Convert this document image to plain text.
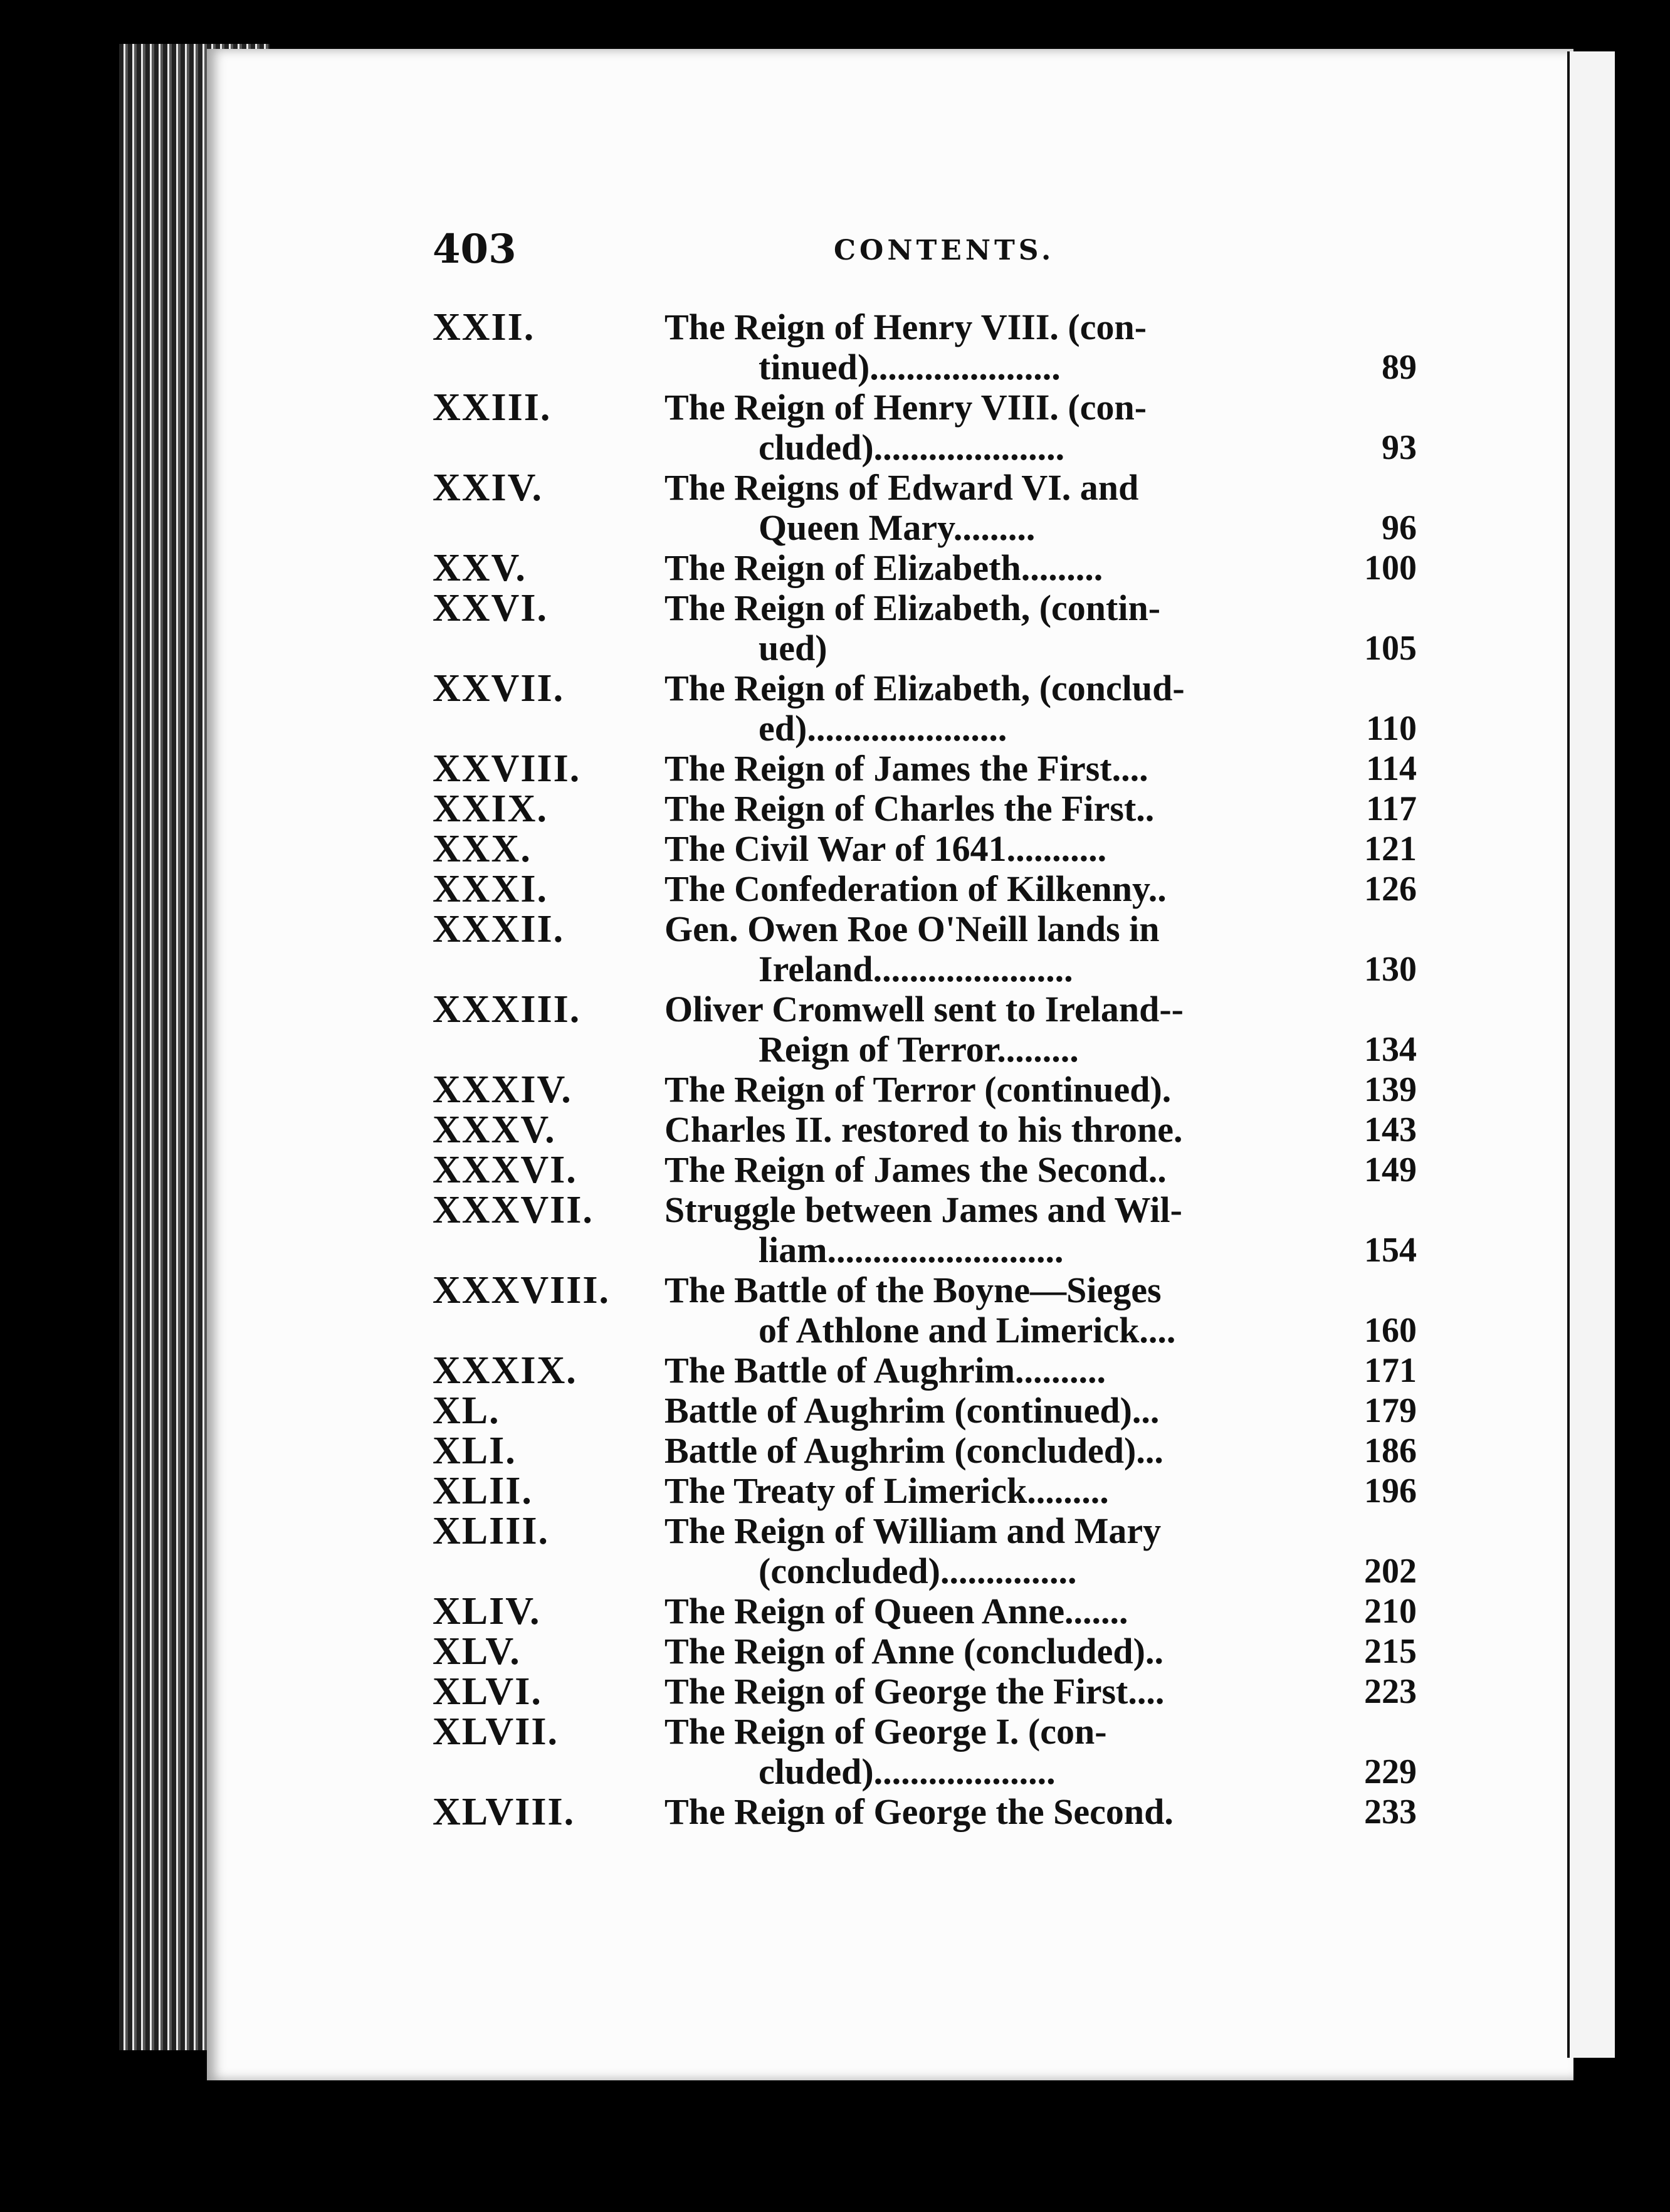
403	CONTENTS.
XXII.	The Reign of Henry VIII. (con-
tinued).....................	89
XXIII.	The Reign of Henry VIII. (con-
cluded).....................	93
XXIV.	The Reigns of Edward VI. and
Queen Mary.........	96
XXV.	The Reign of Elizabeth.........	100
XXVI.	The Reign of Elizabeth, (contin-
ued)	105
XXVII.	The Reign of Elizabeth, (conclud-
ed)......................	110
XXVIII.	The Reign of James the First....	114
XXIX.	The Reign of Charles the First..	117
XXX.	The Civil War of 1641...........	121
XXXI.	The Confederation of Kilkenny..	126
XXXII.	Gen. Owen Roe O'Neill lands in
Ireland......................	130
XXXIII.	Oliver Cromwell sent to Ireland--
Reign of Terror.........	134
XXXIV.	The Reign of Terror (continued).	139
XXXV.	Charles II. restored to his throne.	143
XXXVI.	The Reign of James the Second..	149
XXXVII.	Struggle between James and Wil-
liam..........................	154
XXXVIII.	The Battle of the Boyne—Sieges
of Athlone and Limerick....	160
XXXIX.	The Battle of Aughrim..........	171
XL.	Battle of Aughrim (continued)...	179
XLI.	Battle of Aughrim (concluded)...	186
XLII.	The Treaty of Limerick.........	196
XLIII.	The Reign of William and Mary
(concluded)...............	202
XLIV.	The Reign of Queen Anne.......	210
XLV.	The Reign of Anne (concluded)..	215
XLVI.	The Reign of George the First....	223
XLVII.	The Reign of George I. (con-
cluded)....................	229
XLVIII.	The Reign of George the Second.	233
